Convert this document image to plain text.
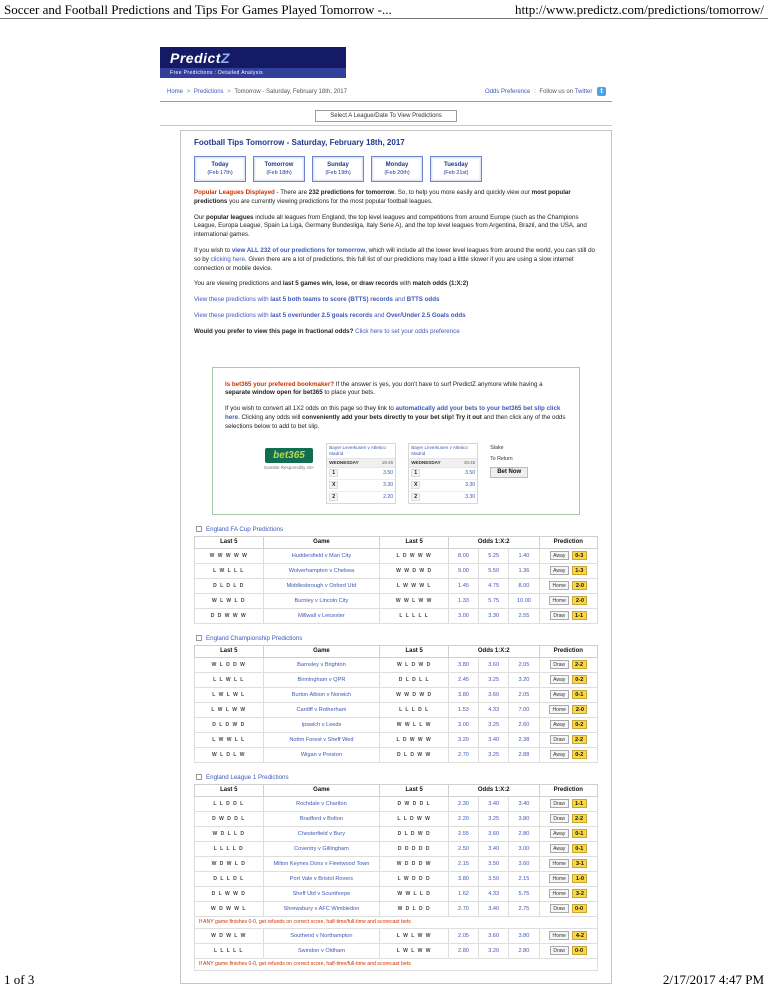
Soccer and Football Predictions and Tips For Games Played Tomorrow -...	http://www.predictz.com/predictions/tomorrow/
Predict Z
Free Predictions : Detailed Analysis
Home > Predictions > Tomorrow - Saturday, February 18th, 2017	Odds Preference : Follow us on Twitter t
Select A League/Date To View Predictions
Football Tips Tomorrow - Saturday, February 18th, 2017
Today
(Feb 17th)
Tomorrow
(Feb 18th)
Sunday
(Feb 19th)
Monday
(Feb 20th)
Tuesday
(Feb 21st)

Popular Leagues Displayed - There are 232 predictions for tomorrow. So, to help you more easily and quickly view our most popular predictions you are currently viewing predictions for the most popular football leagues.

Our popular leagues include all leagues from England, the top level leagues and competitions from around Europe (such as the Champions League, Europa League, Spain La Liga, Germany Bundesliga, Italy Serie A), and the top level leagues from Argentina, Brazil, and the USA, and international games.

If you wish to view ALL 232 of our predictions for tomorrow, which will include all the lower level leagues from around the world, you can still do so by clicking here. Given there are a lot of predictions, this full list of our predictions may load a little slower if you are using a slow internet connection or mobile device.

You are viewing predictions and last 5 games win, lose, or draw records with match odds (1:X:2)

View these predictions with last 5 both teams to score (BTTS) records and BTTS odds

View these predictions with last 5 over/under 2.5 goals records and Over/Under 2.5 Goals odds

Would you prefer to view this page in fractional odds? Click here to set your odds preference

Is bet365 your preferred bookmaker? If the answer is yes, you don't have to surf PredictZ anymore while having a separate window open for bet365 to place your bets.

If you wish to convert all 1X2 odds on this page so they link to automatically add your bets to your bet365 bet slip click here. Clicking any odds will conveniently add your bets directly to your bet slip! Try it out and then click any of the odds selections below to add to bet slip.

bet365
Gamble Responsibly 18+
Bayer Leverkusen v Atletico Madrid
WEDNESDAY	19:45
1	3.50
X	3.30
2	2.20
Bayer Leverkusen v Atletico Madrid
WEDNESDAY	19:45
1	3.50
X	3.30
2	3.30
Stake
To Return
Bet Now
England FA Cup Predictions
Last 5	Game	Last 5	Odds 1:X:2			Prediction
W W W W W	Huddersfield v Man City	L D W W W	8.00	5.25	1.40	Away 0-3

L W L L L	Wolverhampton v Chelsea	W W D W D	9.00	5.50	1.36	Away 1-3

D L D L D	Middlesbrough v Oxford Utd	L W W W L	1.45	4.75	8.00	Home 2-0

W L W L D	Burnley v Lincoln City	W W L W W	1.33	5.75	10.00	Home 2-0

D D W W W	Millwall v Leicester	L L L L L	3.00	3.30	2.55	Draw 1-1
England Championship Predictions
Last 5	Game	Last 5	Odds 1:X:2			Prediction
W L D D W	Barnsley v Brighton	W L D W D	3.80	3.60	2.05	Draw 2-2

L L W L L	Birmingham v QPR	D L D L L	2.45	3.25	3.20	Away 0-2

L W L W L	Burton Albion v Norwich	W W D W D	3.80	3.60	2.05	Away 0-1

L W L W W	Cardiff v Rotherham	L L L D L	1.53	4.33	7.00	Home 2-0

D L D W D	Ipswich v Leeds	W W L L W	3.00	3.25	2.60	Away 0-2

L W W L L	Nottm Forest v Sheff Wed	L D W W W	3.20	3.40	2.38	Draw 2-2

W L D L W	Wigan v Preston	D L D W W	2.70	3.25	2.88	Away 0-2
England League 1 Predictions
Last 5	Game	Last 5	Odds 1:X:2			Prediction
L L D D L	Rochdale v Charlton	D W D D L	2.30	3.40	3.40	Draw 1-1

D W D D L	Bradford v Bolton	L L D W W	2.20	3.25	3.80	Draw 2-2

W D L L D	Chesterfield v Bury	D L D W D	2.55	3.60	2.80	Away 0-1

L L L L D	Coventry v Gillingham	D D D D D	2.50	3.40	3.00	Away 0-1

W D W L D	Milton Keynes Dons v Fleetwood Town	W D D D W	2.15	3.50	3.60	Home 3-1

D L L D L	Port Vale v Bristol Rovers	L W D D D	3.80	3.50	2.15	Home 1-0

D L W W D	Sheff Utd v Scunthorpe	W W L L D	1.62	4.33	5.75	Home 3-2

W D W W L	Shrewsbury v AFC Wimbledon	W D L D D	2.70	3.40	2.75	Draw 0-0

If ANY game finishes 0-0, get refunds on correct score, half-time/full-time and scorecast bets						
W D W L W	Southend v Northampton	L W L W W	2.05	3.60	3.80	Home 4-2

L L L L L	Swindon v Oldham	L W L W W	2.80	3.20	2.80	Draw 0-0

If ANY game finishes 0-0, get refunds on correct score, half-time/full-time and scorecast bets						
1 of 3	2/17/2017 4:47 PM
